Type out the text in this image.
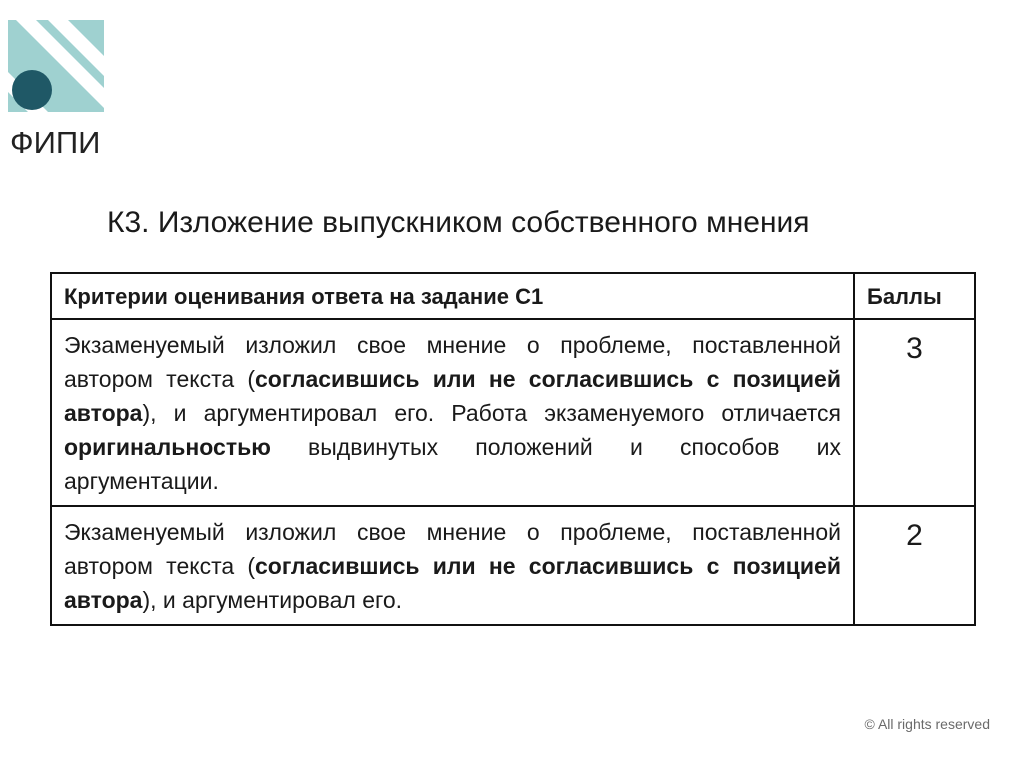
ФИПИ
К3. Изложение выпускником собственного мнения
Критерии оценивания ответа на задание С1	Баллы
Экзаменуемый изложил свое мнение о проблеме, поставленной автором текста (согласившись или не согласившись с позицией автора), и аргументировал его. Работа экзаменуемого отличается оригинальностью выдвинутых положений и способов их аргументации.	3
Экзаменуемый изложил свое мнение о проблеме, поставленной автором текста (согласившись или не согласившись с позицией автора), и аргументировал его.	2
© All rights reserved
